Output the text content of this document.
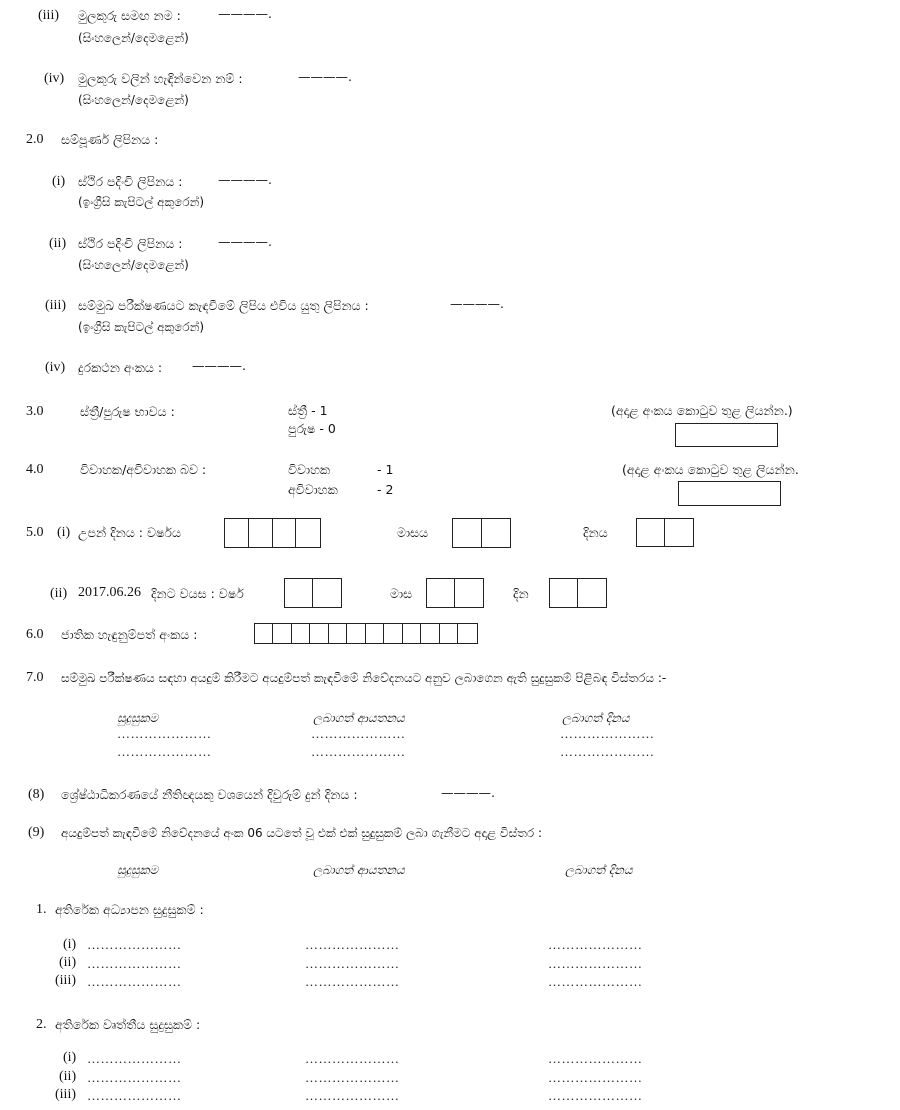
(iii) මුලකුරු සමඟ නම :	————.
(සිංහලෙන්/දෙමළෙන්)
(iv) මුලකුරු වලින් හැඳින්වෙන නම් :	————.
(සිංහලෙන්/දෙමළෙන්)
2.0 සම්පූර්ණ ලිපිනය :
(i) ස්ථිර පදිංචි ලිපිනය :	————.
(ඉංග්‍රීසි කැපිටල් අකුරෙන්)
(ii) ස්ථිර පදිංචි ලිපිනය :	————.
(සිංහලෙන්/දෙමළෙන්)
(iii) සම්මුඛ පරීක්ෂණයට කැඳවීමේ ලිපිය එවිය යුතු ලිපිනය :	————.
(ඉංග්‍රීසි කැපිටල් අකුරෙන්)
(iv) දුරකථන අංකය : ————.
3.0	ස්ත්‍රී/පුරුෂ භාවය :	ස්ත්‍රී - 1
පුරුෂ - 0
(අදාළ අංකය කොටුව තුළ ලියන්න.)
4.0	විවාහක/අවිවාහක බව :	විවාහක	- 1
අවිවාහක	- 2
(අදාළ අංකය කොටුව තුළ ලියන්න.
5.0 (i) උපන් දිනය : වර්ෂය	මාසය	දිනය
(ii) 2017.06.26 දිනට වයස : වර්ෂ	මාස	දින
6.0 ජාතික හැඳුනුම්පත් අංකය :
7.0 සම්මුඛ පරීක්ෂණය සඳහා අයදුම් කිරීමට අයදුම්පත් කැඳවීමේ නිවේදනයට අනුව ලබාගෙන ඇති සුදුසුකම් පිළිබඳ විස්තරය :-
සුදුසුකම	ලබාගත් ආයතනය	ලබාගත් දිනය
…………………	…………………	…………………
…………………	…………………	…………………
(8) ශ්‍රේෂ්ඨාධිකරණයේ නීතිඥයකු වශයෙන් දිවුරුම් දුන් දිනය :	————.
(9) අයදුම්පත් කැඳවීමේ නිවේදනයේ අංක 06 යටතේ වූ එක් එක් සුදුසුකම් ලබා ගැනීමට අදාළ විස්තර :
සුදුසුකම	ලබාගත් ආයතනය	ලබාගත් දිනය
1. අතිරේක අධ්‍යාපන සුදුසුකම් :
(i) …………………	…………………	…………………
(ii) …………………	…………………	…………………
(iii) …………………	…………………	…………………
2. අතිරේක වෘත්තීය සුදුසුකම් :
(i) …………………	…………………	…………………
(ii) …………………	…………………	…………………
(iii) …………………	…………………	…………………
